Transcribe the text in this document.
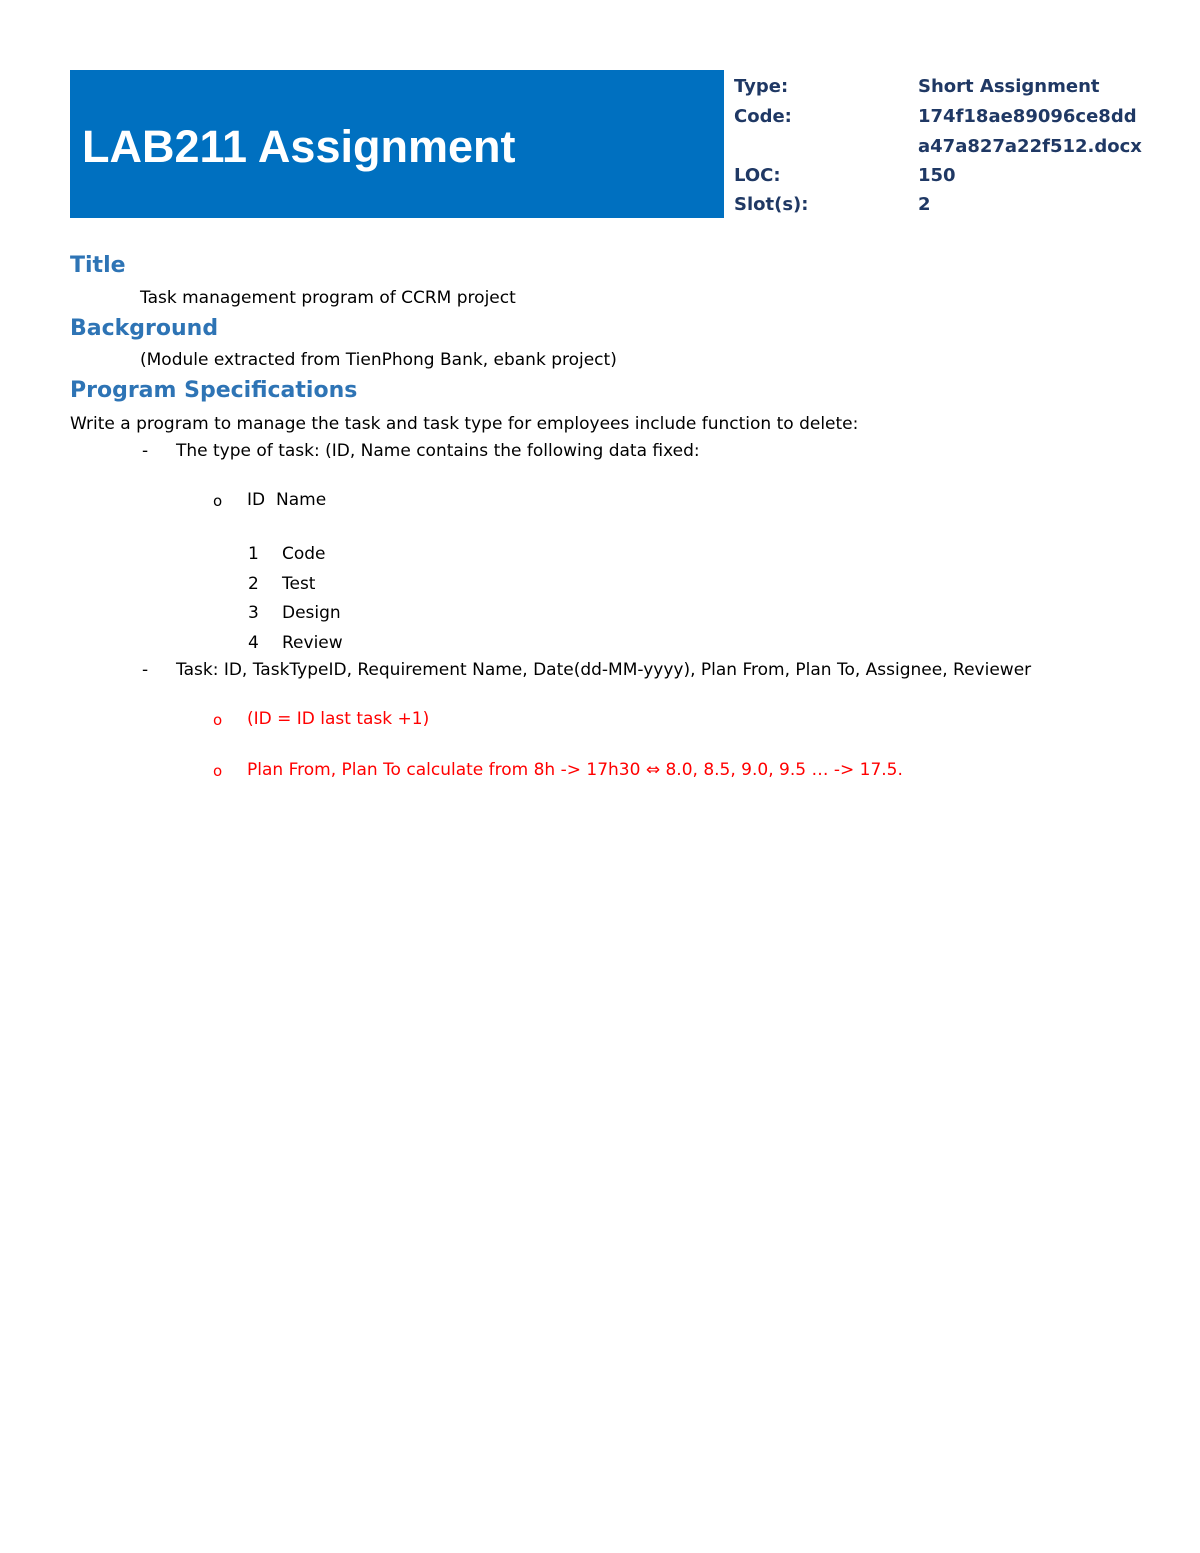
LAB211 Assignment
Type:	Short Assignment
Code:	174f18ae89096ce8dd
a47a827a22f512.docx
LOC:	150
Slot(s):	2
Title
Task management program of CCRM project
Background
(Module extracted from TienPhong Bank, ebank project)
Program Specifications
Write a program to manage the task and task type for employees include function to delete:
- The type of task: (ID, Name contains the following data fixed:
o ID Name
1 Code
2 Test
3 Design
4 Review
- Task: ID, TaskTypeID, Requirement Name, Date(dd-MM-yyyy), Plan From, Plan To, Assignee, Reviewer
o (ID = ID last task +1)
o Plan From, Plan To calculate from 8h -> 17h30 ⇔ 8.0, 8.5, 9.0, 9.5 … -> 17.5.
